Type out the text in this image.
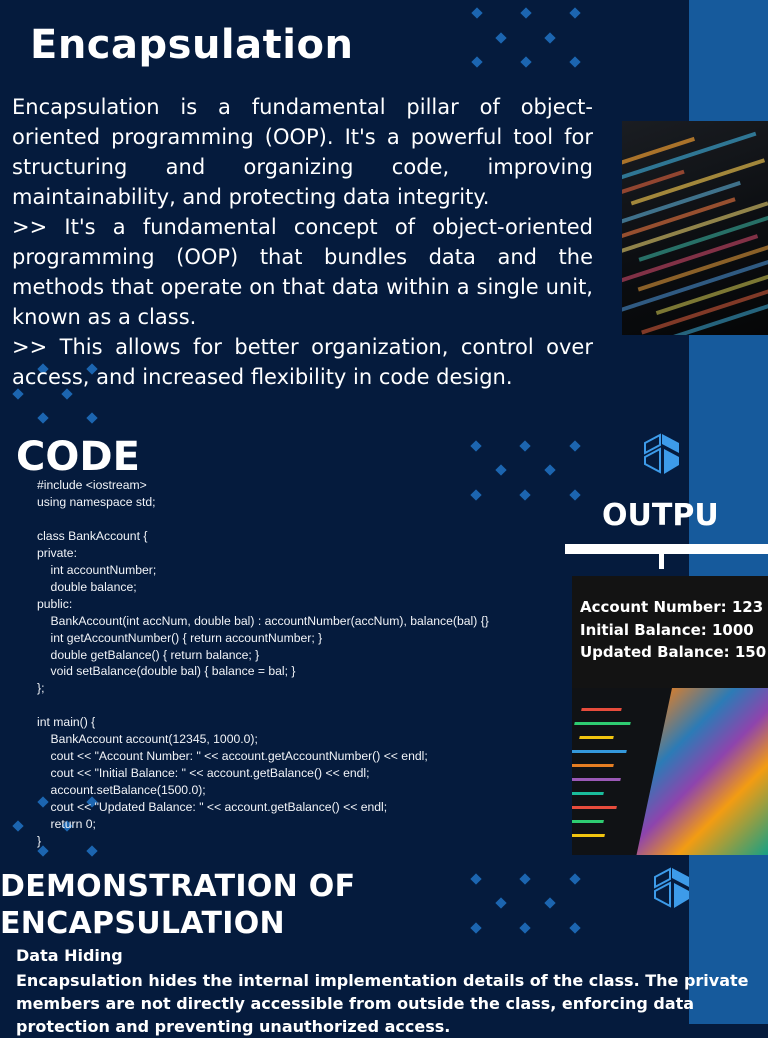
Encapsulation

Encapsulation is a fundamental pillar of object-oriented programming (OOP). It's a powerful tool for structuring and organizing code, improving maintainability, and protecting data integrity.

>> It's a fundamental concept of object-oriented programming (OOP) that bundles data and the methods that operate on that data within a single unit, known as a class.

>> This allows for better organization, control over access, and increased flexibility in code design.

CODE
#include <iostream>
using namespace std;

class BankAccount {
private:
int accountNumber;
double balance;
public:
BankAccount(int accNum, double bal) : accountNumber(accNum), balance(bal) {}
int getAccountNumber() { return accountNumber; }
double getBalance() { return balance; }
void setBalance(double bal) { balance = bal; }
};

int main() {
BankAccount account(12345, 1000.0);
cout << "Account Number: " << account.getAccountNumber() << endl;
cout << "Initial Balance: " << account.getBalance() << endl;
account.setBalance(1500.0);
cout << "Updated Balance: " << account.getBalance() << endl;
return 0;
}
OUTPU
Account Number: 123
Initial Balance: 1000
Updated Balance: 150
DEMONSTRATION OF
ENCAPSULATION
Data Hiding
Encapsulation hides the internal implementation details of the class. The private members are not directly accessible from outside the class, enforcing data protection and preventing unauthorized access.
